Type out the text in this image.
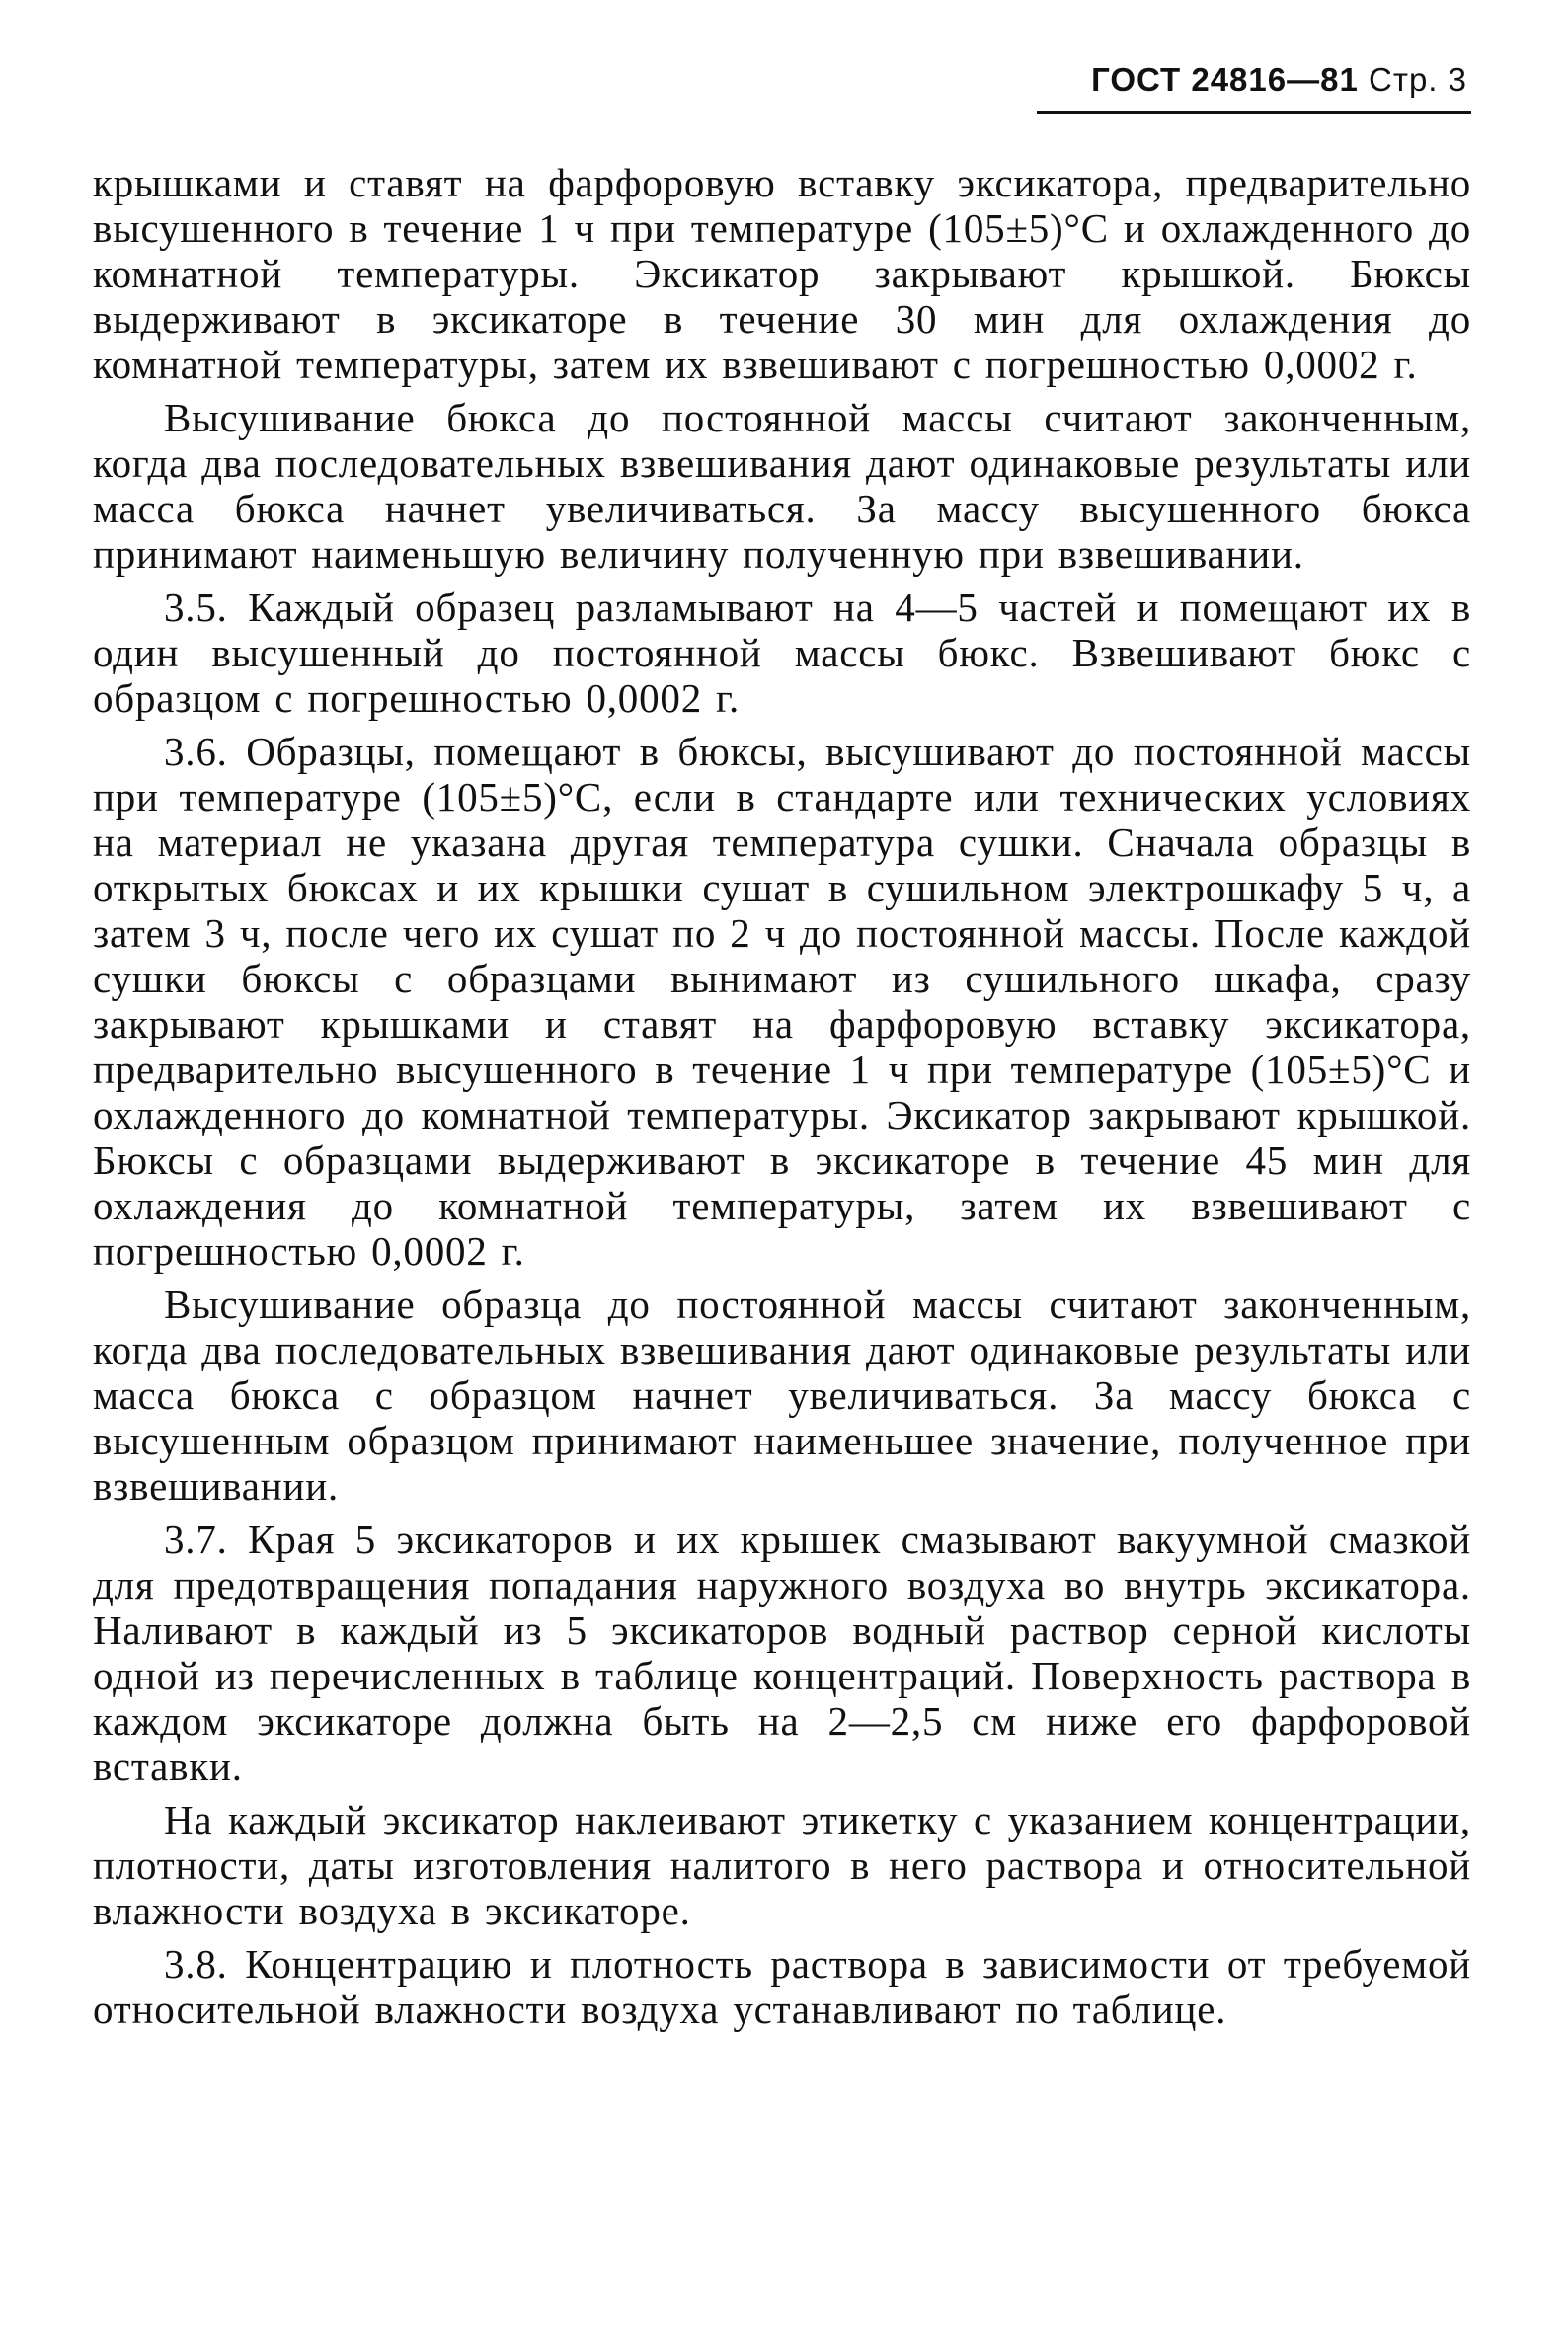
ГОСТ 24816—81 Стр. 3

крышками и ставят на фарфоровую вставку эксикатора, предварительно высушенного в течение 1 ч при температуре (105±5)°С и охлажденного до комнатной температуры. Эксикатор закрывают крышкой. Бюксы выдерживают в эксикаторе в течение 30 мин для охлаждения до комнатной температуры, затем их взвешивают с погрешностью 0,0002 г.

Высушивание бюкса до постоянной массы считают законченным, когда два последовательных взвешивания дают одинаковые результаты или масса бюкса начнет увеличиваться. За массу высушенного бюкса принимают наименьшую величину полученную при взвешивании.

3.5. Каждый образец разламывают на 4—5 частей и помещают их в один высушенный до постоянной массы бюкс. Взвешивают бюкс с образцом с погрешностью 0,0002 г.

3.6. Образцы, помещают в бюксы, высушивают до постоянной массы при температуре (105±5)°С, если в стандарте или технических условиях на материал не указана другая температура сушки. Сначала образцы в открытых бюксах и их крышки сушат в сушильном электрошкафу 5 ч, а затем 3 ч, после чего их сушат по 2 ч до постоянной массы. После каждой сушки бюксы с образцами вынимают из сушильного шкафа, сразу закрывают крышками и ставят на фарфоровую вставку эксикатора, предварительно высушенного в течение 1 ч при температуре (105±5)°С и охлажденного до комнатной температуры. Эксикатор закрывают крышкой. Бюксы с образцами выдерживают в эксикаторе в течение 45 мин для охлаждения до комнатной температуры, затем их взвешивают с погрешностью 0,0002 г.

Высушивание образца до постоянной массы считают законченным, когда два последовательных взвешивания дают одинаковые результаты или масса бюкса с образцом начнет увеличиваться. За массу бюкса с высушенным образцом принимают наименьшее значение, полученное при взвешивании.

3.7. Края 5 эксикаторов и их крышек смазывают вакуумной смазкой для предотвращения попадания наружного воздуха во внутрь эксикатора. Наливают в каждый из 5 эксикаторов водный раствор серной кислоты одной из перечисленных в таблице концентраций. Поверхность раствора в каждом эксикаторе должна быть на 2—2,5 см ниже его фарфоровой вставки.

На каждый эксикатор наклеивают этикетку с указанием концентрации, плотности, даты изготовления налитого в него раствора и относительной влажности воздуха в эксикаторе.

3.8. Концентрацию и плотность раствора в зависимости от требуемой относительной влажности воздуха устанавливают по таблице.
